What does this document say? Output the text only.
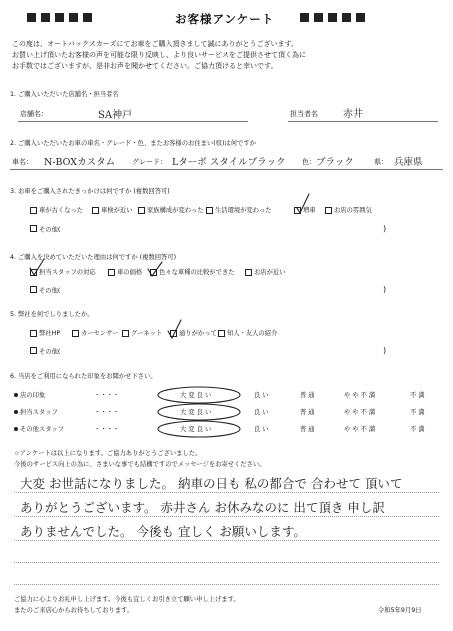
お客様アンケート
この度は、オートバックスカーズにてお車をご購入頂きまして誠にありがとうございます。
お買い上げ頂いたお客様の声を可能な限り反映し、より良いサービスをご提供させて頂く為に
お手数ではございますが、是非お声を聞かせてください。ご協力頂けると幸いです。
1. ご購入いただいた店舗名・担当者名
店舗名：	SA神戸	担当者名	赤井
2. ご購入いただいたお車の車名・グレード・色、またお客様のお住まい(県)は何ですか
車名： N-BOXカスタム グレード： Lターボ スタイルブラック 色： ブラック	県： 兵庫県
3. お車をご購入されたきっかけは何ですか (複数回答可)
車が古くなった	車検が近い 家族構成が変わった 生活環境が変わった	増車	お店の雰囲気
その他(	)
4. ご購入を決めていただいた理由は何ですか (複数回答可)
担当スタッフの対応	車の価格	色々な車種の比較ができた	お店が近い
その他(	)
5. 弊社を何でしりましたか。
弊社HP	カーセンサー グーネット	通りがかって 知人・友人の紹介
その他(	)
6. 当店をご利用になられた印象をお聞かせ下さい。
店の印象	・・・・	大変良い	良い	普通	やや不満	不満
担当スタッフ	・・・・	大変良い	良い	普通	やや不満	不満
その他スタッフ	・・・・	大変良い	良い	普通	やや不満	不満
☆アンケートは以上になります。ご協力ありがとうございました。
今後のサービス向上の為に、さまいな事でも結構ですのでメッセージをお寄せください。
大変 お世話になりました。 納車の日も 私の都合で 合わせて 頂いて
ありがとうございます。 赤井さん お休みなのに 出て頂き 申し訳
ありませんでした。 今後も 宜しく お願いします。
ご協力に心よりお礼申し上げます。今後も宜しくお引き立て願い申し上げます。
またのご来店心からお待ちしております。	令和5年9月9日
